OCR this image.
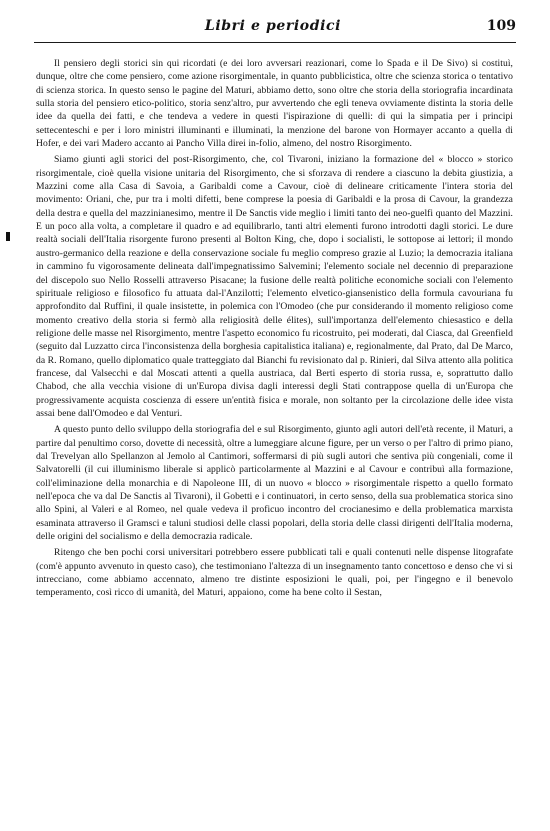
Libri e periodici	109

Il pensiero degli storici sin qui ricordati (e dei loro avversari reazionari, come lo Spada e il De Sivo) si costituì, dunque, oltre che come pensiero, come azione risorgimentale, in quanto pubblicistica, oltre che scienza storica o tentativo di scienza storica. In questo senso le pagine del Maturi, abbiamo detto, sono oltre che storia della storiografia incardinata sulla storia del pensiero etico-politico, storia senz'altro, pur avvertendo che egli teneva ovviamente distinta la storia delle idee da quella dei fatti, e che tendeva a vedere in questi l'ispirazione di quelli: di qui la simpatia per i principi settecenteschi e per i loro ministri illuminanti e illuminati, la menzione del barone von Hormayer accanto a quella di Hofer, e dei vari Madero accanto ai Pancho Villa direi in-folio, almeno, del nostro Risorgimento.

Siamo giunti agli storici del post-Risorgimento, che, col Tivaroni, iniziano la formazione del « blocco » storico risorgimentale, cioè quella visione unitaria del Risorgimento, che si sforzava di rendere a ciascuno la debita giustizia, a Mazzini come alla Casa di Savoia, a Garibaldi come a Cavour, cioè di delineare criticamente l'intera storia del movimento: Oriani, che, pur tra i molti difetti, bene comprese la poesia di Garibaldi e la prosa di Cavour, la grandezza della destra e quella del mazzinianesimo, mentre il De Sanctis vide meglio i limiti tanto dei neo-guelfi quanto del Mazzini. E un poco alla volta, a completare il quadro e ad equilibrarlo, tanti altri elementi furono introdotti dagli storici. Le dure realtà sociali dell'Italia risorgente furono presenti al Bolton King, che, dopo i socialisti, le sottopose ai lettori; il mondo austro-germanico della reazione e della conservazione sociale fu meglio compreso grazie al Luzio; la democrazia italiana in cammino fu vigorosamente delineata dall'impegnatissimo Salvemini; l'elemento sociale nel decennio di preparazione del discepolo suo Nello Rosselli attraverso Pisacane; la fusione delle realtà politiche economiche sociali con l'elemento spirituale religioso e filosofico fu attuata dal-l'Anzilotti; l'elemento elvetico-giansenistico della formula cavouriana fu approfondito dal Ruffini, il quale insistette, in polemica con l'Omodeo (che pur considerando il momento religioso come momento creativo della storia si fermò alla religiosità delle élites), sull'importanza dell'elemento chiesastico e della religione delle masse nel Risorgimento, mentre l'aspetto economico fu ricostruito, pei moderati, dal Ciasca, dal Greenfield (seguito dal Luzzatto circa l'inconsistenza della borghesia capitalistica italiana) e, regionalmente, dal Prato, dal De Marco, da R. Romano, quello diplomatico quale tratteggiato dal Bianchi fu revisionato dal p. Rinieri, dal Silva attento alla politica francese, dal Valsecchi e dal Moscati attenti a quella austriaca, dal Berti esperto di storia russa, e, soprattutto dallo Chabod, che alla vecchia visione di un'Europa divisa dagli interessi degli Stati contrappose quella di un'Europa che progressivamente acquista coscienza di essere un'entità fisica e morale, non soltanto per la circolazione delle idee vista assai bene dall'Omodeo e dal Venturi.

A questo punto dello sviluppo della storiografia del e sul Risorgimento, giunto agli autori dell'età recente, il Maturi, a partire dal penultimo corso, dovette di necessità, oltre a lumeggiare alcune figure, per un verso o per l'altro di primo piano, dal Trevelyan allo Spellanzon al Jemolo al Cantimori, soffermarsi di più sugli autori che sentiva più congeniali, come il Salvatorelli (il cui illuminismo liberale si applicò particolarmente al Mazzini e al Cavour e contribuì alla formazione, coll'eliminazione della monarchia e di Napoleone III, di un nuovo « blocco » risorgimentale rispetto a quello formato nell'epoca che va dal De Sanctis al Tivaroni), il Gobetti e i continuatori, in certo senso, della sua problematica storica sino allo Spini, al Valeri e al Romeo, nel quale vedeva il proficuo incontro del crocianesimo e della problematica marxista esaminata attraverso il Gramsci e taluni studiosi delle classi popolari, della storia delle classi dirigenti dell'Italia moderna, delle origini del socialismo e della democrazia radicale.

Ritengo che ben pochi corsi universitari potrebbero essere pubblicati tali e quali contenuti nelle dispense litografate (com'è appunto avvenuto in questo caso), che testimoniano l'altezza di un insegnamento tanto concettoso e denso che vi si intrecciano, come abbiamo accennato, almeno tre distinte esposizioni le quali, poi, per l'ingegno e il benevolo temperamento, così ricco di umanità, del Maturi, appaiono, come ha bene colto il Sestan,
